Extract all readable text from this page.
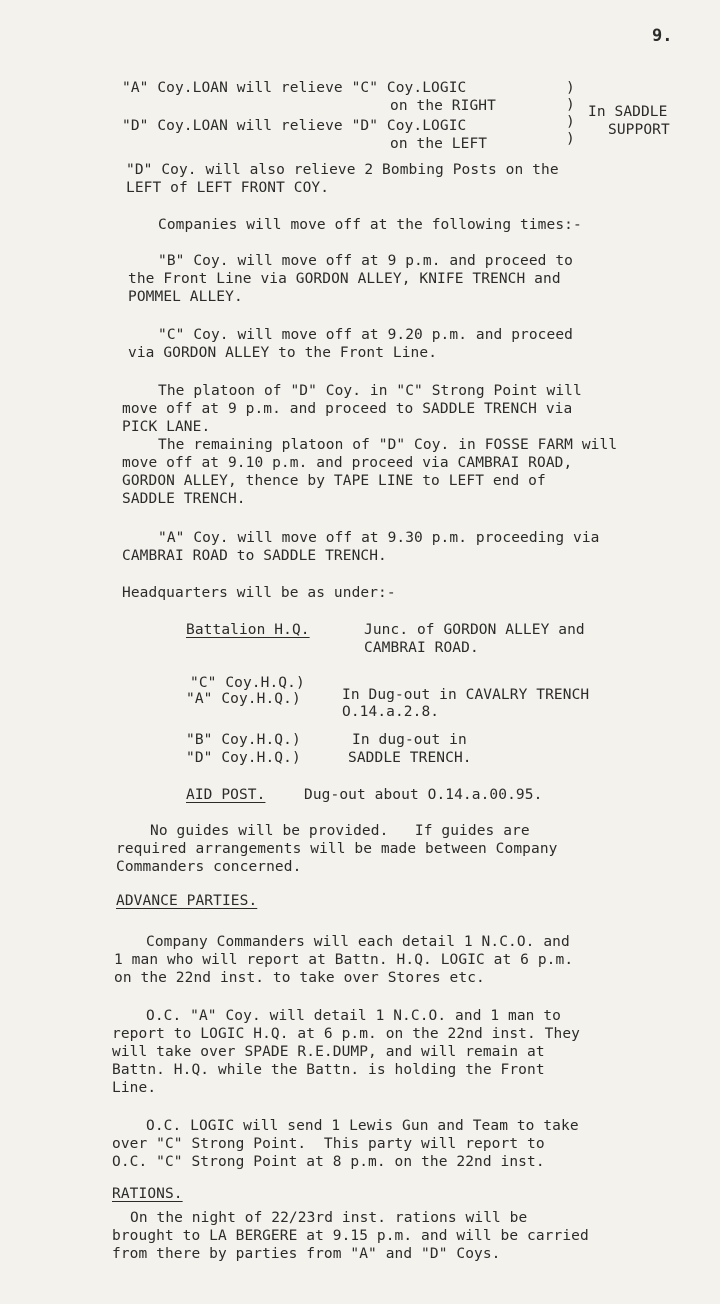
9.
"A" Coy.LOAN will relieve "C" Coy.LOGIC
on the RIGHT
"D" Coy.LOAN will relieve "D" Coy.LOGIC
on the LEFT
)
)
)
)
In SADDLE
SUPPORT
"D" Coy. will also relieve 2 Bombing Posts on the
LEFT of LEFT FRONT COY.
Companies will move off at the following times:-
"B" Coy. will move off at 9 p.m. and proceed to
the Front Line via GORDON ALLEY, KNIFE TRENCH and
POMMEL ALLEY.
"C" Coy. will move off at 9.20 p.m. and proceed
via GORDON ALLEY to the Front Line.
The platoon of "D" Coy. in "C" Strong Point will
move off at 9 p.m. and proceed to SADDLE TRENCH via
PICK LANE.
The remaining platoon of "D" Coy. in FOSSE FARM will
move off at 9.10 p.m. and proceed via CAMBRAI ROAD,
GORDON ALLEY, thence by TAPE LINE to LEFT end of
SADDLE TRENCH.
"A" Coy. will move off at 9.30 p.m. proceeding via
CAMBRAI ROAD to SADDLE TRENCH.
Headquarters will be as under:-
Battalion H.Q.	Junc. of GORDON ALLEY and
CAMBRAI ROAD.
"C" Coy.H.Q.)
"A" Coy.H.Q.)	In Dug-out in CAVALRY TRENCH
O.14.a.2.8.
"B" Coy.H.Q.)
"D" Coy.H.Q.)
In dug-out in
SADDLE TRENCH.
AID POST.	Dug-out about O.14.a.00.95.
No guides will be provided.   If guides are
required arrangements will be made between Company
Commanders concerned.
ADVANCE PARTIES.
Company Commanders will each detail 1 N.C.O. and
1 man who will report at Battn. H.Q. LOGIC at 6 p.m.
on the 22nd inst. to take over Stores etc.
O.C. "A" Coy. will detail 1 N.C.O. and 1 man to
report to LOGIC H.Q. at 6 p.m. on the 22nd inst. They
will take over SPADE R.E.DUMP, and will remain at
Battn. H.Q. while the Battn. is holding the Front
Line.
O.C. LOGIC will send 1 Lewis Gun and Team to take
over "C" Strong Point.  This party will report to
O.C. "C" Strong Point at 8 p.m. on the 22nd inst.
RATIONS.
On the night of 22/23rd inst. rations will be
brought to LA BERGERE at 9.15 p.m. and will be carried
from there by parties from "A" and "D" Coys.
